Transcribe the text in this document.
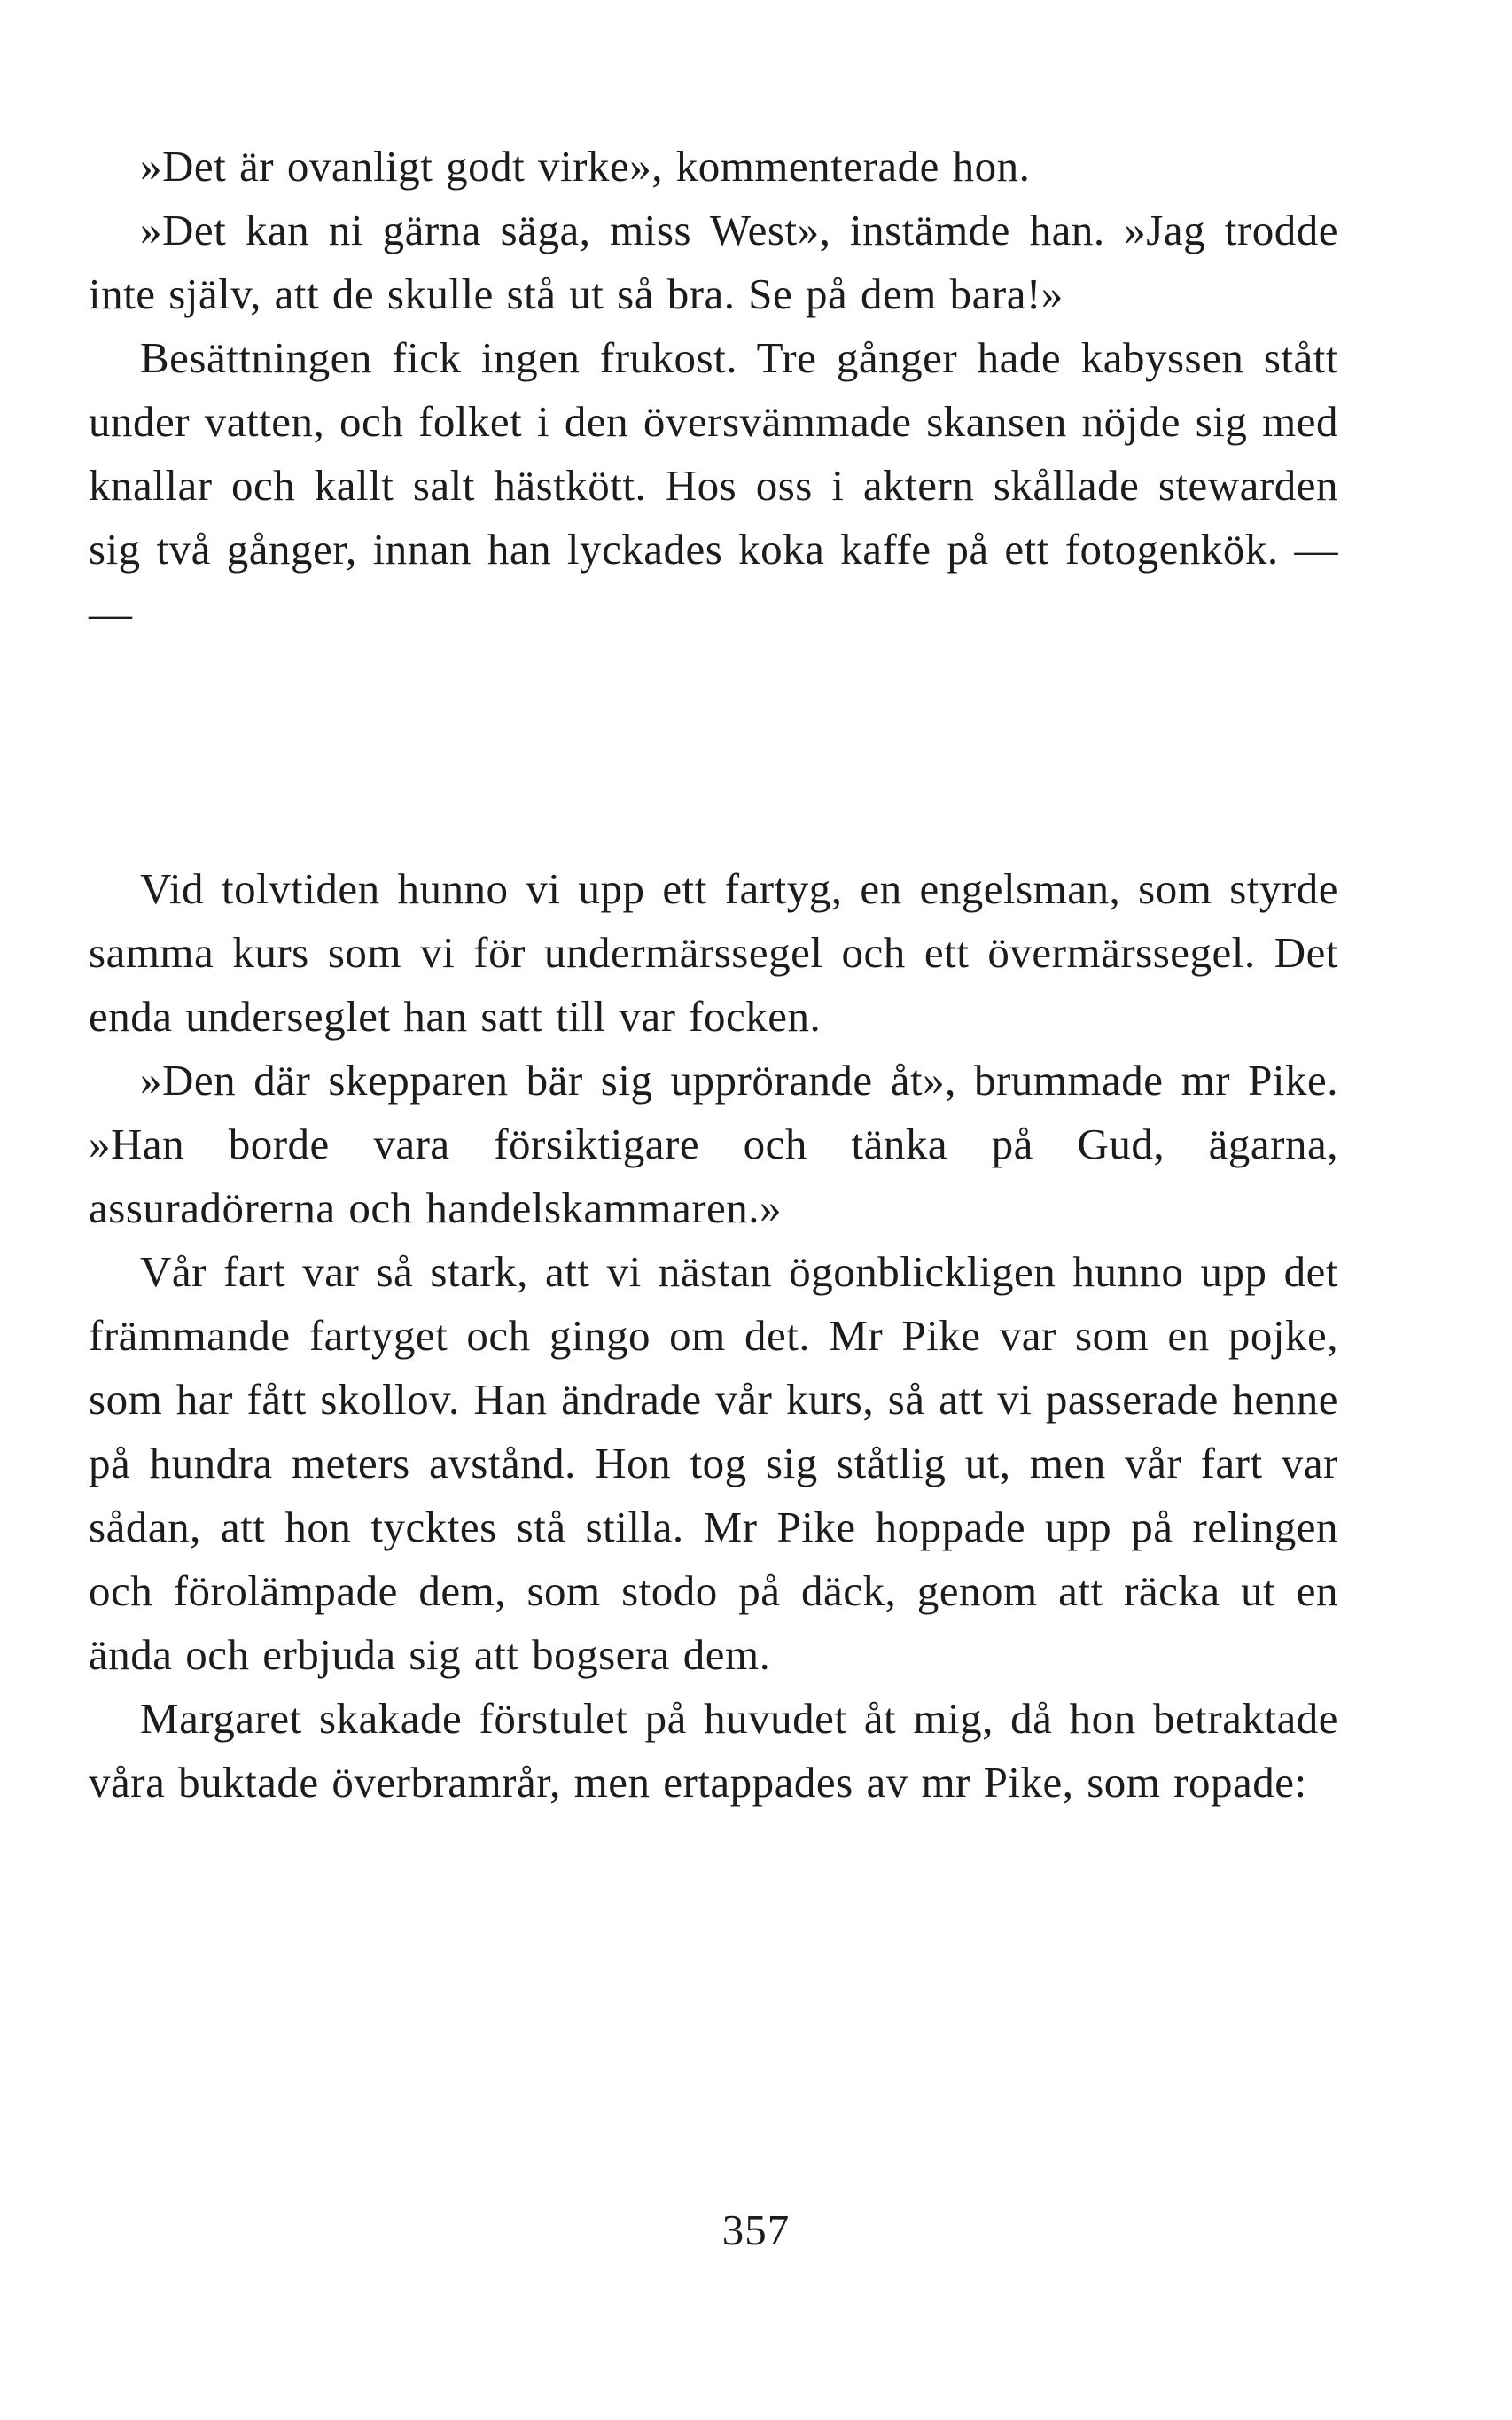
»Det är ovanligt godt virke», kommenterade hon.

»Det kan ni gärna säga, miss West», instämde han. »Jag trodde inte själv, att de skulle stå ut så bra. Se på dem bara!»

Besättningen fick ingen frukost. Tre gånger hade kabyssen stått under vatten, och folket i den översvämmade skansen nöjde sig med knallar och kallt salt hästkött. Hos oss i aktern skållade stewarden sig två gånger, innan han lyckades koka kaffe på ett fotogenkök. — —

Vid tolvtiden hunno vi upp ett fartyg, en engelsman, som styrde samma kurs som vi för undermärssegel och ett övermärssegel. Det enda underseglet han satt till var focken.

»Den där skepparen bär sig upprörande åt», brummade mr Pike. »Han borde vara försiktigare och tänka på Gud, ägarna, assuradörerna och handelskammaren.»

Vår fart var så stark, att vi nästan ögonblickligen hunno upp det främmande fartyget och gingo om det. Mr Pike var som en pojke, som har fått skollov. Han ändrade vår kurs, så att vi passerade henne på hundra meters avstånd. Hon tog sig ståtlig ut, men vår fart var sådan, att hon tycktes stå stilla. Mr Pike hoppade upp på relingen och förolämpade dem, som stodo på däck, genom att räcka ut en ända och erbjuda sig att bogsera dem.

Margaret skakade förstulet på huvudet åt mig, då hon betraktade våra buktade överbramrår, men ertappades av mr Pike, som ropade:

357
